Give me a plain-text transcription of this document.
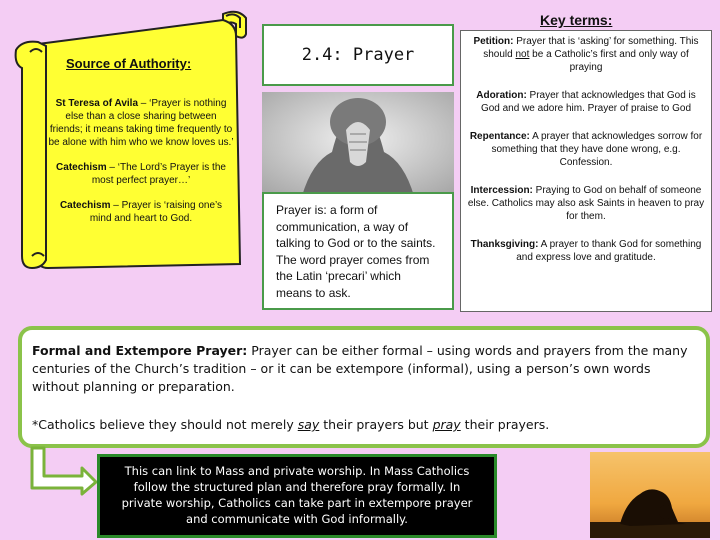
Source of Authority:
St Teresa of Avila – ‘Prayer is nothing else than a close sharing between friends; it means taking time frequently to be alone with him who we know loves us.’
Catechism – ‘The Lord’s Prayer is the most perfect prayer…’
Catechism – Prayer is ‘raising one’s mind and heart to God.
2.4: Prayer
Prayer is: a form of communication, a way of talking to God or to the saints. The word prayer comes from the Latin ‘precari’ which means to ask.
Key terms:
Petition: Prayer that is ‘asking’ for something. This should not be a Catholic’s first and only way of praying
Adoration: Prayer that acknowledges that God is God and we adore him. Prayer of praise to God
Repentance: A prayer that acknowledges sorrow for something that they have done wrong, e.g. Confession.
Intercession: Praying to God on behalf of someone else. Catholics may also ask Saints in heaven to pray for them.
Thanksgiving: A prayer to thank God for something and express love and gratitude.
Formal and Extempore Prayer: Prayer can be either formal – using words and prayers from the many centuries of the Church’s tradition – or it can be extempore (informal), using a person’s own words without planning or preparation.
*Catholics believe they should not merely say their prayers but pray their prayers.
This can link to Mass and private worship. In Mass Catholics follow the structured plan and therefore pray formally. In private worship, Catholics can take part in extempore prayer and communicate with God informally.
